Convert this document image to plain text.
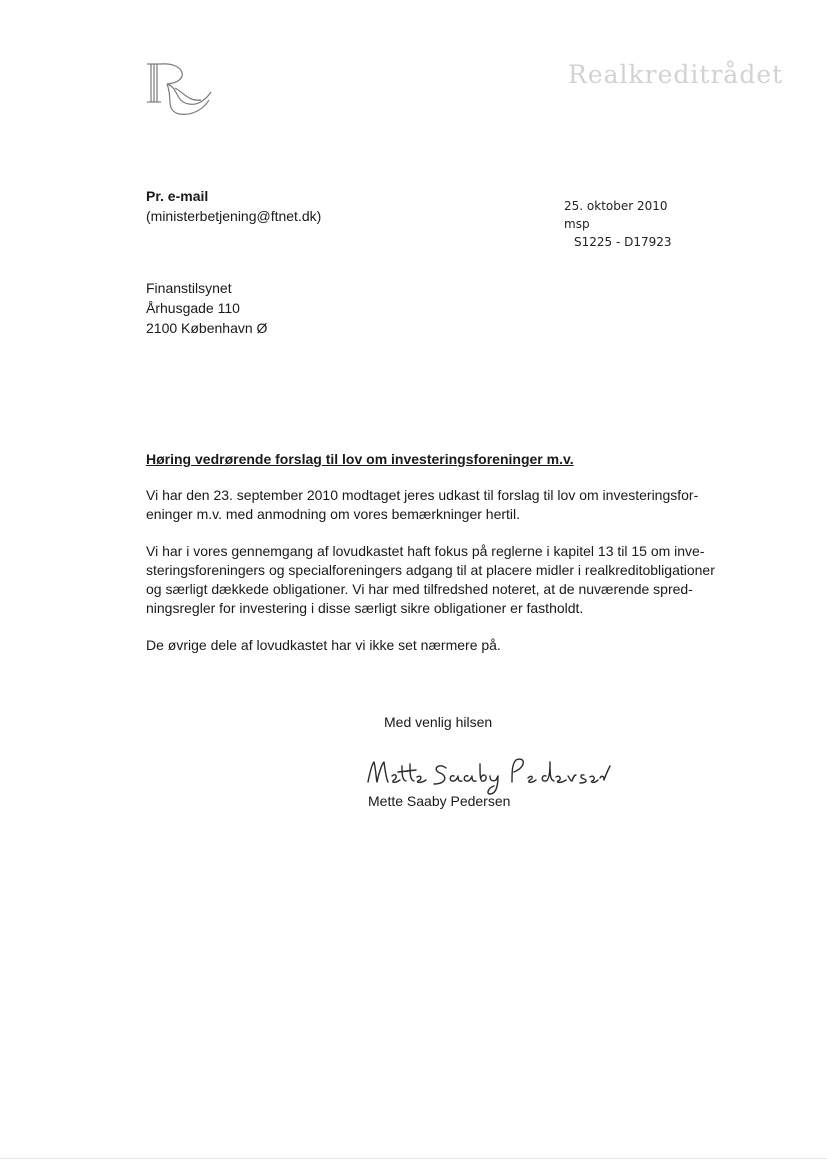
Realkreditrådet
Pr. e-mail
(ministerbetjening@ftnet.dk)
25. oktober 2010
msp
S1225 - D17923
Finanstilsynet
Århusgade 110
2100 København Ø
Høring vedrørende forslag til lov om investeringsforeninger m.v.

Vi har den 23. september 2010 modtaget jeres udkast til forslag til lov om investeringsfor-
eninger m.v. med anmodning om vores bemærkninger hertil.

Vi har i vores gennemgang af lovudkastet haft fokus på reglerne i kapitel 13 til 15 om inve-
steringsforeningers og specialforeningers adgang til at placere midler i realkreditobligationer
og særligt dækkede obligationer. Vi har med tilfredshed noteret, at de nuværende spred-
ningsregler for investering i disse særligt sikre obligationer er fastholdt.

De øvrige dele af lovudkastet har vi ikke set nærmere på.

Med venlig hilsen
Mette Saaby Pedersen
